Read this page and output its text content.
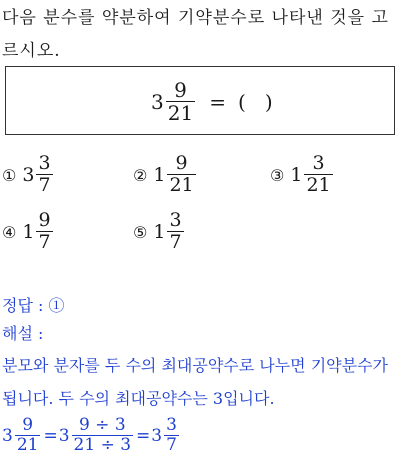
다음 분수를 약분하여 기약분수로 나타낸 것을 고르시오.
$3 \frac{9}{21}$ = (   )
① $3 \frac{3}{7}$	② $1 \frac{9}{21}$	③ $1 \frac{3}{21}$
④ $1 \frac{9}{7}$	⑤ $1 \frac{3}{7}$
정답 : ①
해설 :
분모와 분자를 두 수의 최대공약수로 나누면 기약분수가 됩니다. 두 수의 최대공약수는 3입니다.
$3 \frac{9}{21} = 3 \frac{9 \div 3}{21 \div 3} = 3 \frac{3}{7}$
